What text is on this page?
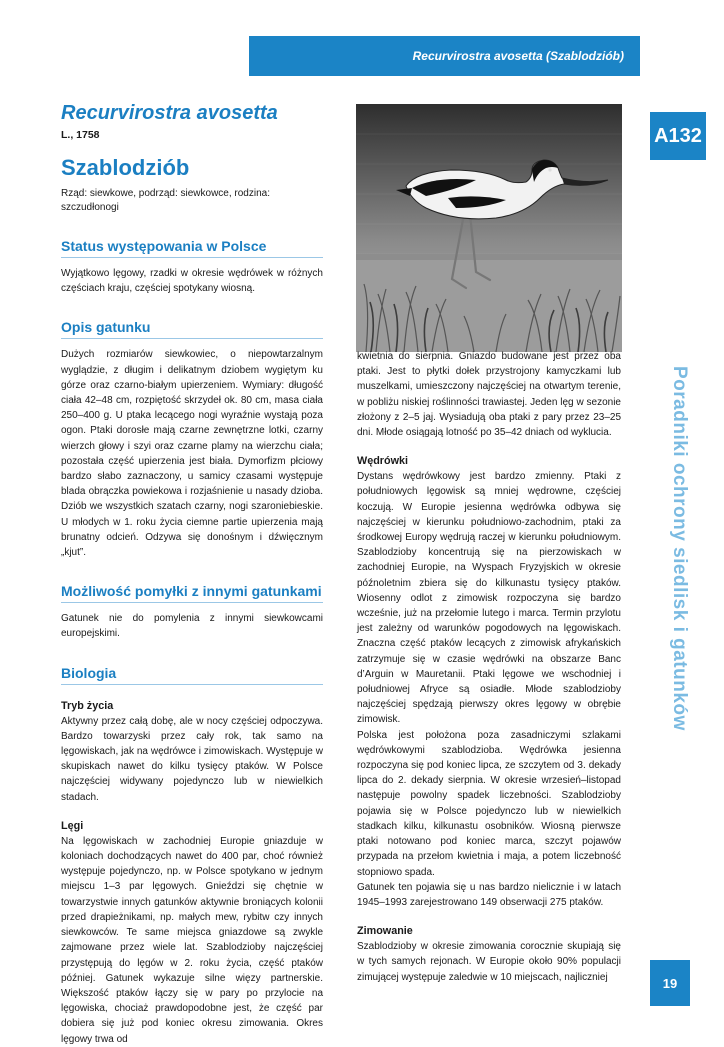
Recurvirostra avosetta (Szablodziób)
A132
Poradniki ochrony siedlisk i gatunków
19
Recurvirostra avosetta
L., 1758
Szablodziób
Rząd: siewkowe, podrząd: siewkowce, rodzina: szczudłonogi
Status występowania w Polsce

Wyjątkowo lęgowy, rzadki w okresie wędrówek w różnych częściach kraju, częściej spotykany wiosną.

Opis gatunku

Dużych rozmiarów siewkowiec, o niepowtarzalnym wyglądzie, z długim i delikatnym dziobem wygiętym ku górze oraz czarno-białym upierzeniem. Wymiary: długość ciała 42–48 cm, rozpiętość skrzydeł ok. 80 cm, masa ciała 250–400 g. U ptaka lecącego nogi wyraźnie wystają poza ogon. Ptaki dorosłe mają czarne zewnętrzne lotki, czarny wierzch głowy i szyi oraz czarne plamy na wierzchu ciała; pozostała część upierzenia jest biała. Dymorfizm płciowy bardzo słabo zaznaczony, u samicy czasami występuje blada obrączka powiekowa i rozjaśnienie u nasady dzioba. Dziób we wszystkich szatach czarny, nogi szaroniebieskie. U młodych w 1. roku życia ciemne partie upierzenia mają brunatny odcień. Odzywa się donośnym i dźwięcznym „kjut”.

Możliwość pomyłki z innymi gatunkami

Gatunek nie do pomylenia z innymi siewkowcami europejskimi.

Biologia
Tryb życia

Aktywny przez całą dobę, ale w nocy częściej odpoczywa. Bardzo towarzyski przez cały rok, tak samo na lęgowiskach, jak na wędrówce i zimowiskach. Występuje w skupiskach nawet do kilku tysięcy ptaków. W Polsce najczęściej widywany pojedynczo lub w niewielkich stadach.

Lęgi

Na lęgowiskach w zachodniej Europie gniazduje w koloniach dochodzących nawet do 400 par, choć również występuje pojedynczo, np. w Polsce spotykano w jednym miejscu 1–3 par lęgowych. Gnieździ się chętnie w towarzystwie innych gatunków aktywnie broniących kolonii przed drapieżnikami, np. małych mew, rybitw czy innych siewkowców. Te same miejsca gniazdowe są zwykle zajmowane przez wiele lat. Szablodzioby najczęściej przystępują do lęgów w 2. roku życia, część ptaków później. Gatunek wykazuje silne więzy partnerskie. Większość ptaków łączy się w pary po przylocie na lęgowiska, chociaż prawdopodobne jest, że część par dobiera się już pod koniec okresu zimowania. Okres lęgowy trwa od

kwietnia do sierpnia. Gniazdo budowane jest przez oba ptaki. Jest to płytki dołek przystrojony kamyczkami lub muszelkami, umieszczony najczęściej na otwartym terenie, w pobliżu niskiej roślinności trawiastej. Jeden lęg w sezonie złożony z 2–5 jaj. Wysiadują oba ptaki z pary przez 23–25 dni. Młode osiągają lotność po 35–42 dniach od wyklucia.

Wędrówki

Dystans wędrówkowy jest bardzo zmienny. Ptaki z południowych lęgowisk są mniej wędrowne, częściej koczują. W Europie jesienna wędrówka odbywa się najczęściej w kierunku południowo-zachodnim, ptaki za środkowej Europy wędrują raczej w kierunku południowym. Szablodzioby koncentrują się na pierzowiskach w zachodniej Europie, na Wyspach Fryzyjskich w okresie późnoletnim zbiera się do kilkunastu tysięcy ptaków. Wiosenny odlot z zimowisk rozpoczyna się bardzo wcześnie, już na przełomie lutego i marca. Termin przylotu jest zależny od warunków pogodowych na lęgowiskach. Znaczna część ptaków lecących z zimowisk afrykańskich zatrzymuje się w czasie wędrówki na obszarze Banc d’Arguin w Mauretanii. Ptaki lęgowe we wschodniej i południowej Afryce są osiadłe. Młode szablodzioby najczęściej spędzają pierwszy okres lęgowy w obrębie zimowisk.

Polska jest położona poza zasadniczymi szlakami wędrówkowymi szablodzioba. Wędrówka jesienna rozpoczyna się pod koniec lipca, ze szczytem od 3. dekady lipca do 2. dekady sierpnia. W okresie wrzesień–listopad następuje powolny spadek liczebności. Szablodzioby pojawia się w Polsce pojedynczo lub w niewielkich stadkach kilku, kilkunastu osobników. Wiosną pierwsze ptaki notowano pod koniec marca, szczyt pojawów przypada na przełom kwietnia i maja, a potem liczebność stopniowo spada.

Gatunek ten pojawia się u nas bardzo nielicznie i w latach 1945–1993 zarejestrowano 149 obserwacji 275 ptaków.

Zimowanie

Szablodzioby w okresie zimowania corocznie skupiają się w tych samych rejonach. W Europie około 90% populacji zimującej występuje zaledwie w 10 miejscach, najliczniej
